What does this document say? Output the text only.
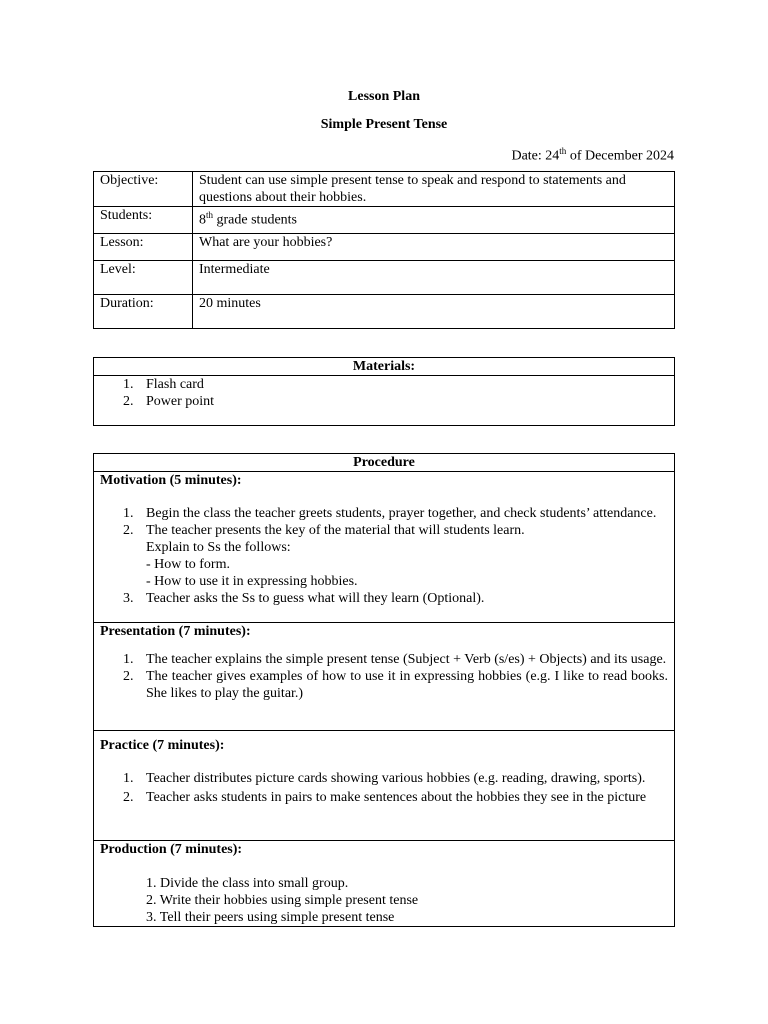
Lesson Plan
Simple Present Tense
Date: 24th of December 2024
Objective:	Student can use simple present tense to speak and respond to statements and questions about their hobbies.
Students:	8th grade students
Lesson:	What are your hobbies?
Level:	Intermediate
Duration:	20 minutes
Materials:

1. Flash card
2. Power point
Procedure

Motivation (5 minutes):
1. Begin the class the teacher greets students, prayer together, and check students’ attendance.
2. The teacher presents the key of the material that will students learn.
Explain to Ss the follows:
- How to form.
- How to use it in expressing hobbies.
3. Teacher asks the Ss to guess what will they learn (Optional).

Presentation (7 minutes):
1. The teacher explains the simple present tense (Subject + Verb (s/es) + Objects) and its usage.
2. The teacher gives examples of how to use it in expressing hobbies (e.g. I like to read books. She likes to play the guitar.)

Practice (7 minutes):
1. Teacher distributes picture cards showing various hobbies (e.g. reading, drawing, sports).
2. Teacher asks students in pairs to make sentences about the hobbies they see in the picture

Production (7 minutes):
1. Divide the class into small group.
2. Write their hobbies using simple present tense
3. Tell their peers using simple present tense
